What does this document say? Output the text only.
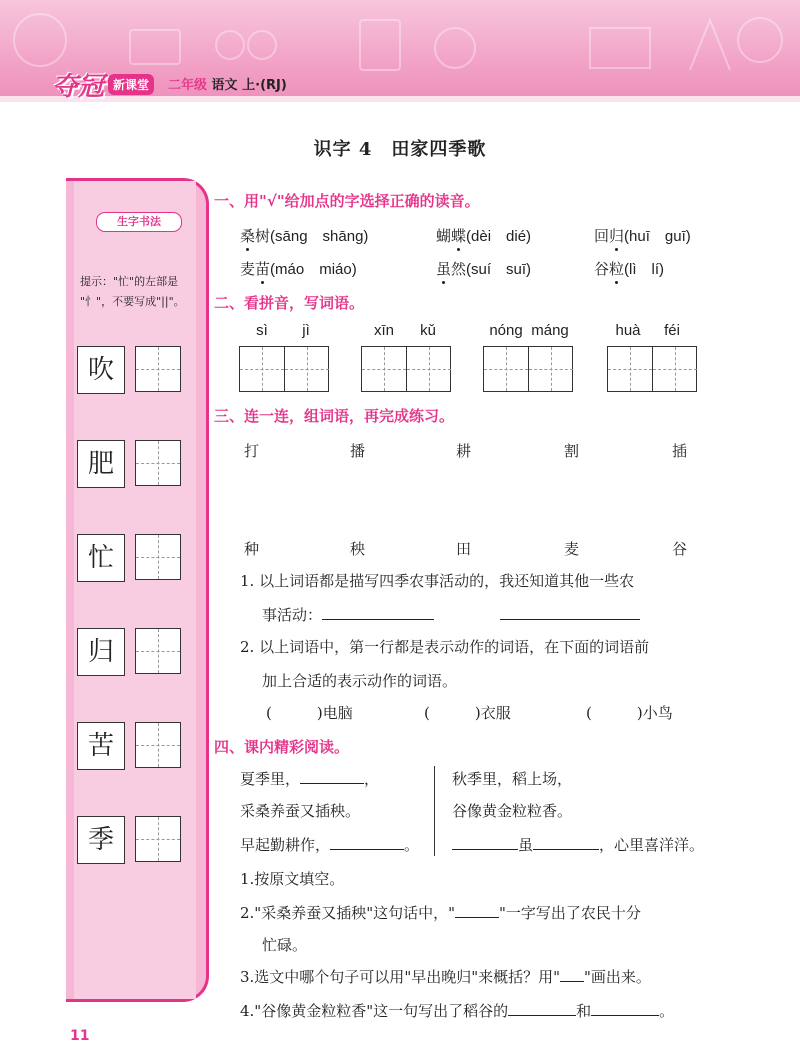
夺冠 新课堂	二年级 语文 上·(RJ)
识字 4　田家四季歌
生字书法
提示："忙"的左部是
"忄"，不要写成"||"。
吹
肥
忙
归
苦
季
一、用"√"给加点的字选择正确的读音。
桑树(sāng　shāng)	蝴蝶(dèi　dié)	回归(huī　guī)
麦苗(máo　miáo)	虽然(suí　suī)	谷粒(lì　lí)
二、看拼音，写词语。
sì	jì	xīn	kǔ	nóng máng	huà	féi
三、连一连，组词语，再完成练习。
打	播	耕	割	插
种	秧	田	麦	谷
1. 以上词语都是描写四季农事活动的，我还知道其他一些农
事活动：
2. 以上词语中，第一行都是表示动作的词语，在下面的词语前
加上合适的表示动作的词语。
(　　　)电脑	(　　　)衣服	(　　　)小鸟
四、课内精彩阅读。
夏季里，	，
采桑养蚕又插秧。
早起勤耕作，	。
秋季里，稻上场，
谷像黄金粒粒香。
虽	，心里喜洋洋。
1.按原文填空。
2."采桑养蚕又插秧"这句话中，"	"一字写出了农民十分
忙碌。
3.选文中哪个句子可以用"早出晚归"来概括？用" "画出来。
4."谷像黄金粒粒香"这一句写出了稻谷的	和	。
11
